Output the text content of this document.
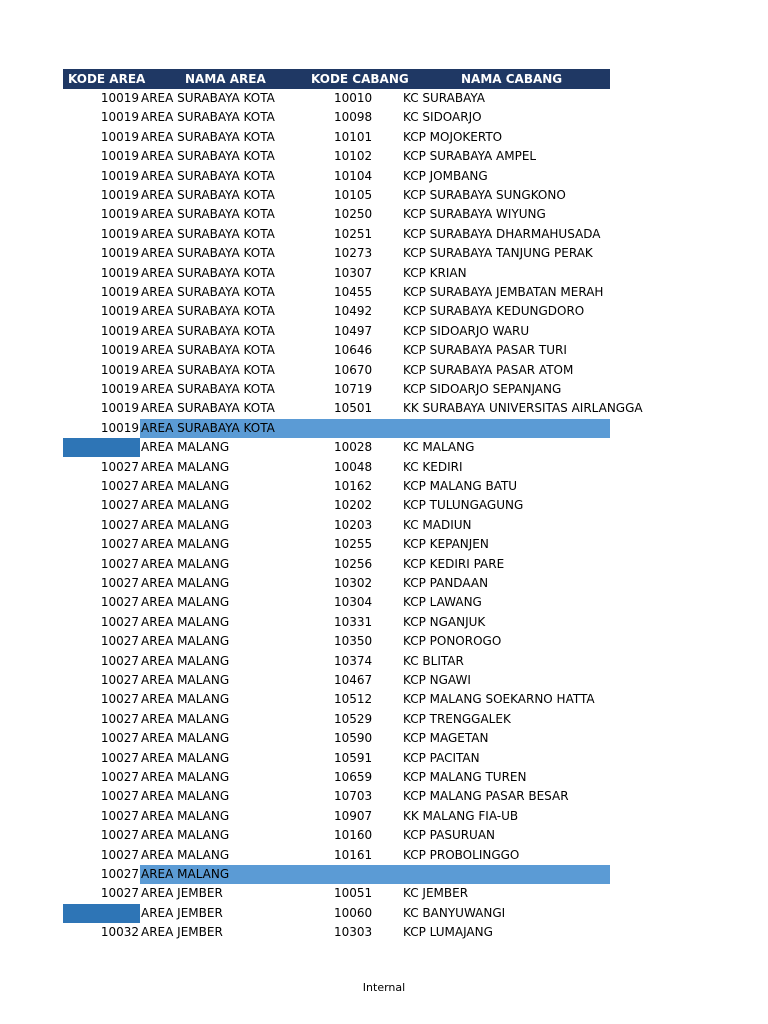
KODE AREA	NAMA AREA	KODE CABANG	NAMA CABANG
10019 AREA SURABAYA KOTA	10010	KC SURABAYA
10019 AREA SURABAYA KOTA	10098	KC SIDOARJO
10019 AREA SURABAYA KOTA	10101	KCP MOJOKERTO
10019 AREA SURABAYA KOTA	10102	KCP SURABAYA AMPEL
10019 AREA SURABAYA KOTA	10104	KCP JOMBANG
10019 AREA SURABAYA KOTA	10105	KCP SURABAYA SUNGKONO
10019 AREA SURABAYA KOTA	10250	KCP SURABAYA WIYUNG
10019 AREA SURABAYA KOTA	10251	KCP SURABAYA DHARMAHUSADA
10019 AREA SURABAYA KOTA	10273	KCP SURABAYA TANJUNG PERAK
10019 AREA SURABAYA KOTA	10307	KCP KRIAN
10019 AREA SURABAYA KOTA	10455	KCP SURABAYA JEMBATAN MERAH
10019 AREA SURABAYA KOTA	10492	KCP SURABAYA KEDUNGDORO
10019 AREA SURABAYA KOTA	10497	KCP SIDOARJO WARU
10019 AREA SURABAYA KOTA	10646	KCP SURABAYA PASAR TURI
10019 AREA SURABAYA KOTA	10670	KCP SURABAYA PASAR ATOM
10019 AREA SURABAYA KOTA	10719	KCP SIDOARJO SEPANJANG
10019 AREA SURABAYA KOTA	10501	KK SURABAYA UNIVERSITAS AIRLANGGA
10019 AREA SURABAYA KOTA
AREA MALANG	10028	KC MALANG
10027 AREA MALANG	10048	KC KEDIRI
10027 AREA MALANG	10162	KCP MALANG BATU
10027 AREA MALANG	10202	KCP TULUNGAGUNG
10027 AREA MALANG	10203	KC MADIUN
10027 AREA MALANG	10255	KCP KEPANJEN
10027 AREA MALANG	10256	KCP KEDIRI PARE
10027 AREA MALANG	10302	KCP PANDAAN
10027 AREA MALANG	10304	KCP LAWANG
10027 AREA MALANG	10331	KCP NGANJUK
10027 AREA MALANG	10350	KCP PONOROGO
10027 AREA MALANG	10374	KC BLITAR
10027 AREA MALANG	10467	KCP NGAWI
10027 AREA MALANG	10512	KCP MALANG SOEKARNO HATTA
10027 AREA MALANG	10529	KCP TRENGGALEK
10027 AREA MALANG	10590	KCP MAGETAN
10027 AREA MALANG	10591	KCP PACITAN
10027 AREA MALANG	10659	KCP MALANG TUREN
10027 AREA MALANG	10703	KCP MALANG PASAR BESAR
10027 AREA MALANG	10907	KK MALANG FIA-UB
10027 AREA MALANG	10160	KCP PASURUAN
10027 AREA MALANG	10161	KCP PROBOLINGGO
10027 AREA MALANG
10027 AREA JEMBER	10051	KC JEMBER
AREA JEMBER	10060	KC BANYUWANGI
10032 AREA JEMBER	10303	KCP LUMAJANG
Internal
